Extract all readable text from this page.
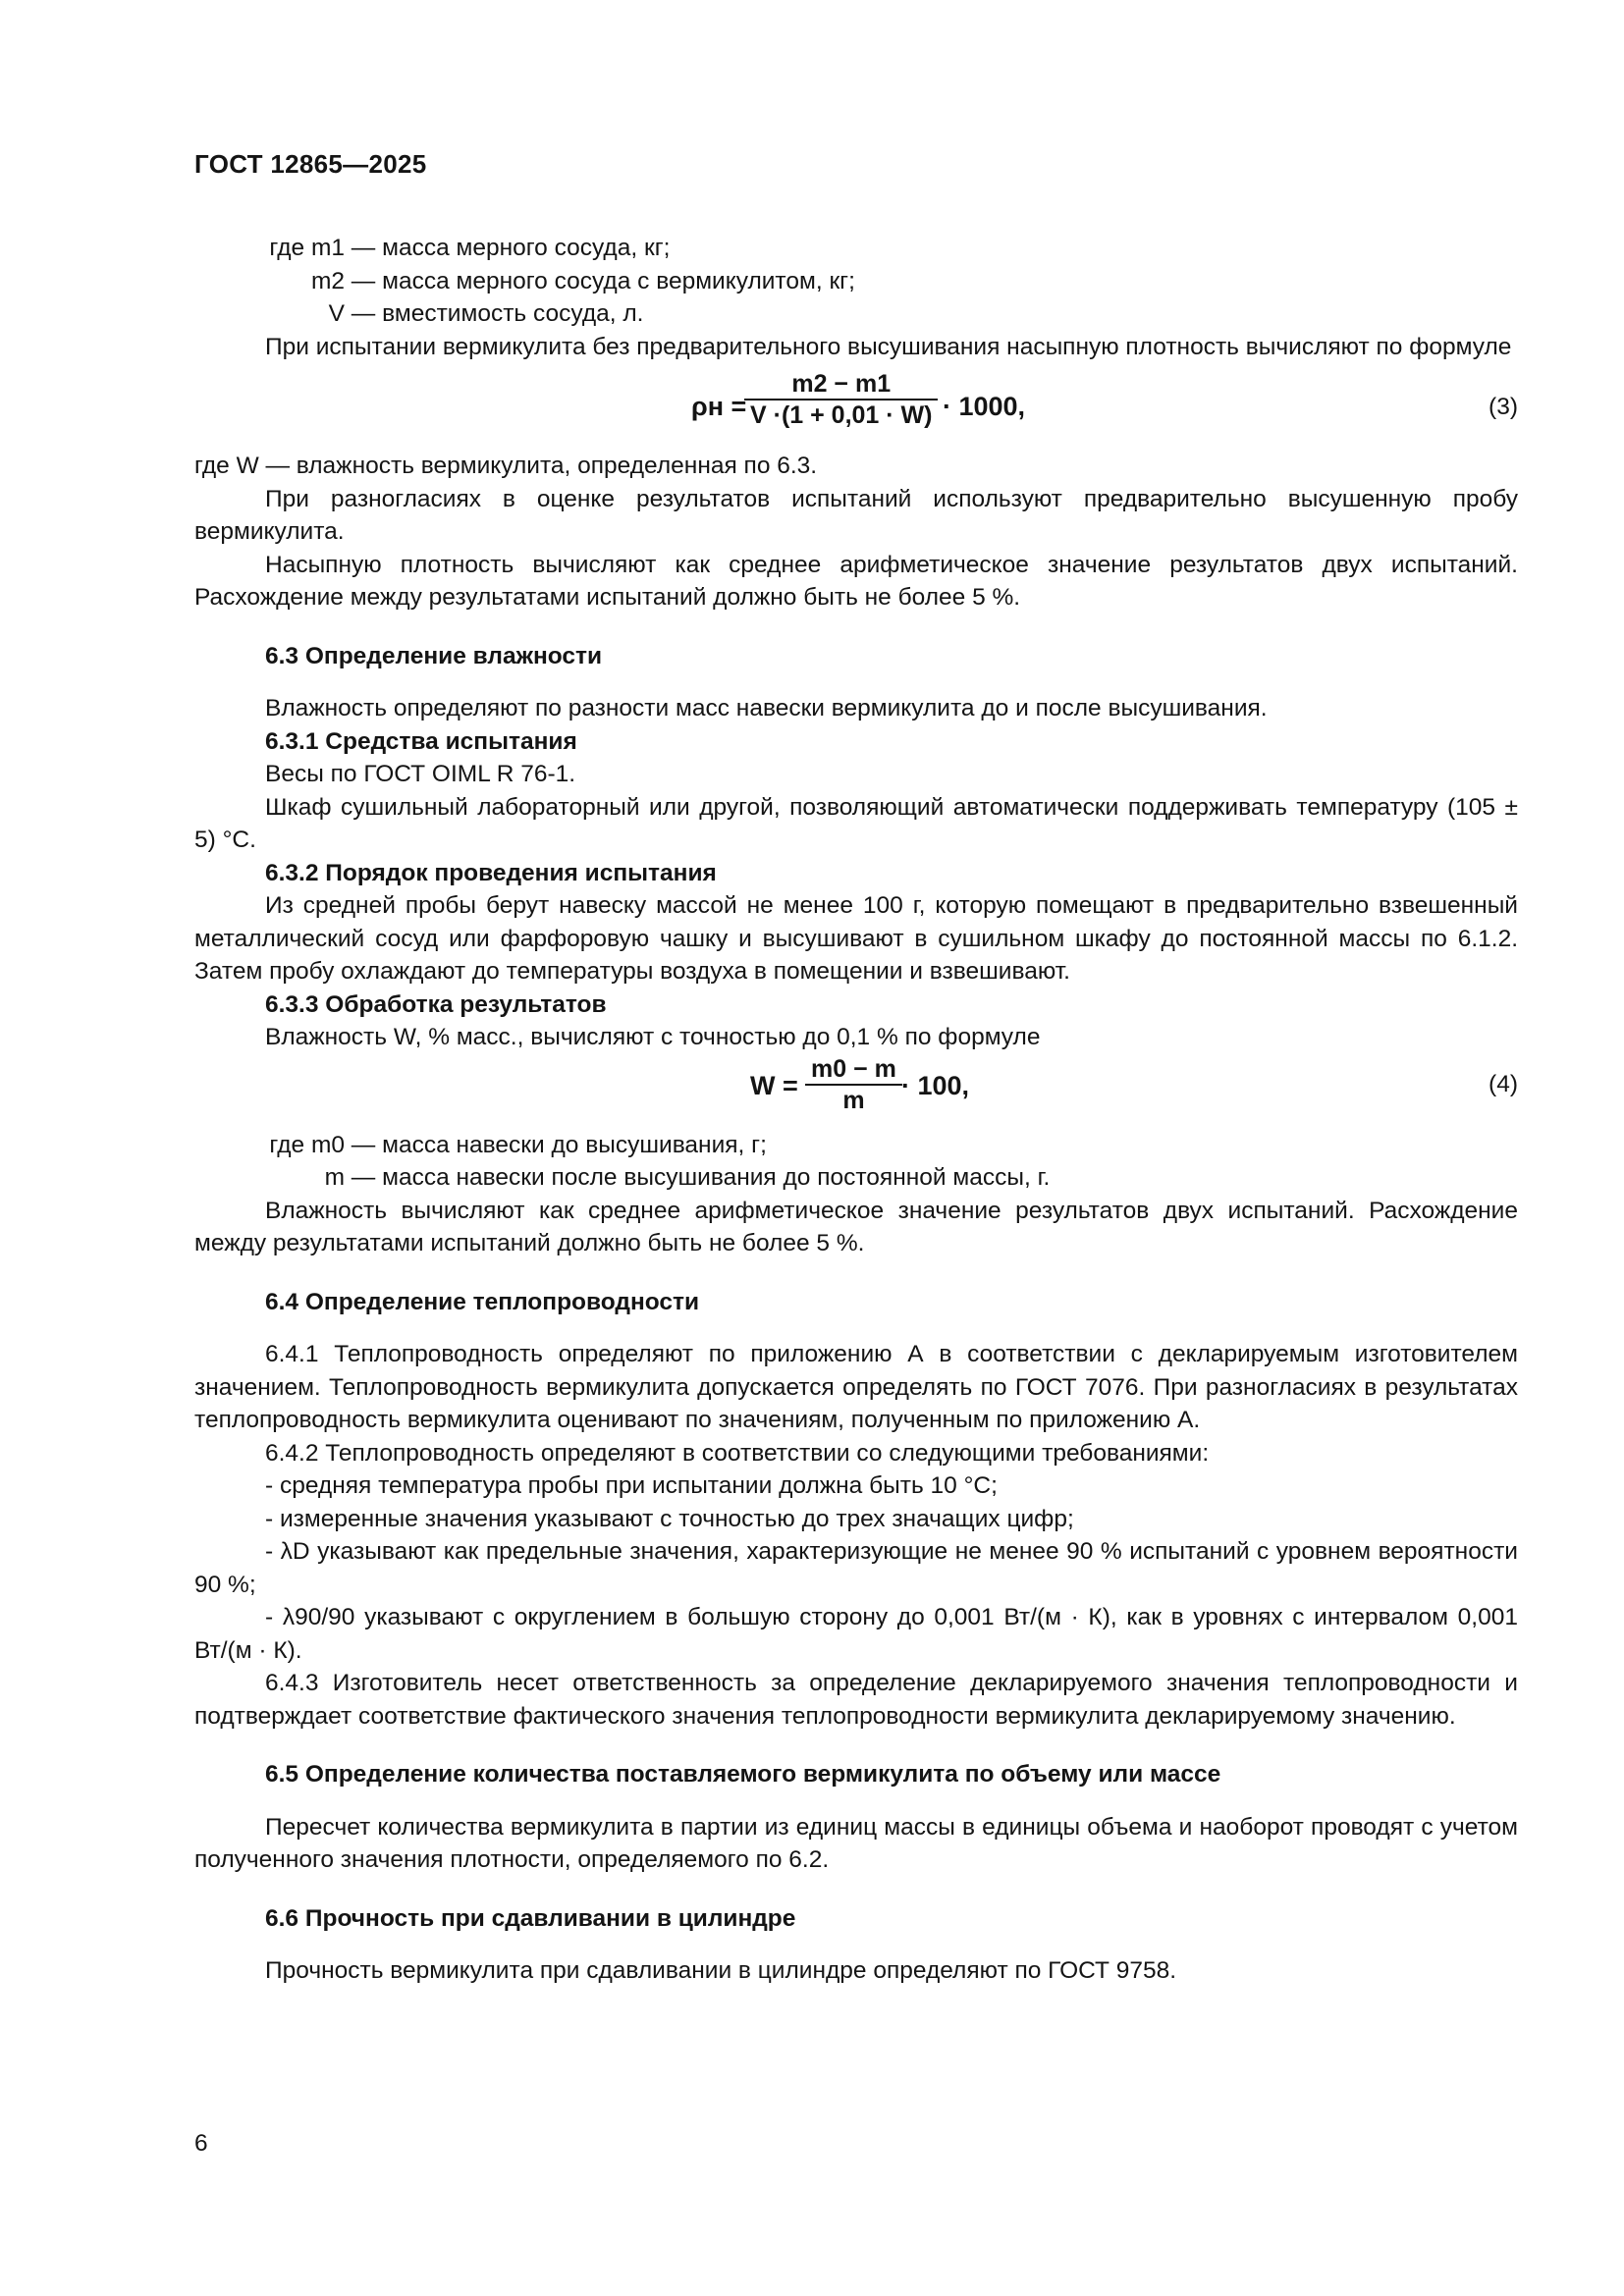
ГОСТ 12865—2025
где m1 — масса мерного сосуда, кг;
m2 — масса мерного сосуда с вермикулитом, кг;
V — вместимость сосуда, л.

При испытании вермикулита без предварительного высушивания насыпную плотность вычисляют по формуле

ρн =
$\frac{m2 - m1}{V \cdot(1 + 0,01 \cdot W)} \cdot 1000$,	(3)

где W — влажность вермикулита, определенная по 6.3.

При разногласиях в оценке результатов испытаний используют предварительно высушенную пробу вермикулита.

Насыпную плотность вычисляют как среднее арифметическое значение результатов двух испытаний. Расхождение между результатами испытаний должно быть не более 5 %.

6.3 Определение влажности

Влажность определяют по разности масс навески вермикулита до и после высушивания.

6.3.1 Средства испытания

Весы по ГОСТ OIML R 76-1.

Шкаф сушильный лабораторный или другой, позволяющий автоматически поддерживать температуру (105 ± 5) °C.

6.3.2 Порядок проведения испытания

Из средней пробы берут навеску массой не менее 100 г, которую помещают в предварительно взвешенный металлический сосуд или фарфоровую чашку и высушивают в сушильном шкафу до постоянной массы по 6.1.2. Затем пробу охлаждают до температуры воздуха в помещении и взвешивают.

6.3.3 Обработка результатов

Влажность W, % масс., вычисляют с точностью до 0,1 % по формуле

$W = \frac{m0 - m}{m} \cdot 100$,	(4)
где m0 — масса навески до высушивания, г;
m — масса навески после высушивания до постоянной массы, г.

Влажность вычисляют как среднее арифметическое значение результатов двух испытаний. Расхождение между результатами испытаний должно быть не более 5 %.

6.4 Определение теплопроводности

6.4.1 Теплопроводность определяют по приложению А в соответствии с декларируемым изготовителем значением. Теплопроводность вермикулита допускается определять по ГОСТ 7076. При разногласиях в результатах теплопроводность вермикулита оценивают по значениям, полученным по приложению А.

6.4.2 Теплопроводность определяют в соответствии со следующими требованиями:

- средняя температура пробы при испытании должна быть 10 °C;

- измеренные значения указывают с точностью до трех значащих цифр;

- λD указывают как предельные значения, характеризующие не менее 90 % испытаний с уровнем вероятности 90 %;

- λ90/90 указывают с округлением в большую сторону до 0,001 Вт/(м · К), как в уровнях с интервалом 0,001 Вт/(м · К).

6.4.3 Изготовитель несет ответственность за определение декларируемого значения теплопроводности и подтверждает соответствие фактического значения теплопроводности вермикулита декларируемому значению.

6.5 Определение количества поставляемого вермикулита по объему или массе

Пересчет количества вермикулита в партии из единиц массы в единицы объема и наоборот проводят с учетом полученного значения плотности, определяемого по 6.2.

6.6 Прочность при сдавливании в цилиндре

Прочность вермикулита при сдавливании в цилиндре определяют по ГОСТ 9758.

6
